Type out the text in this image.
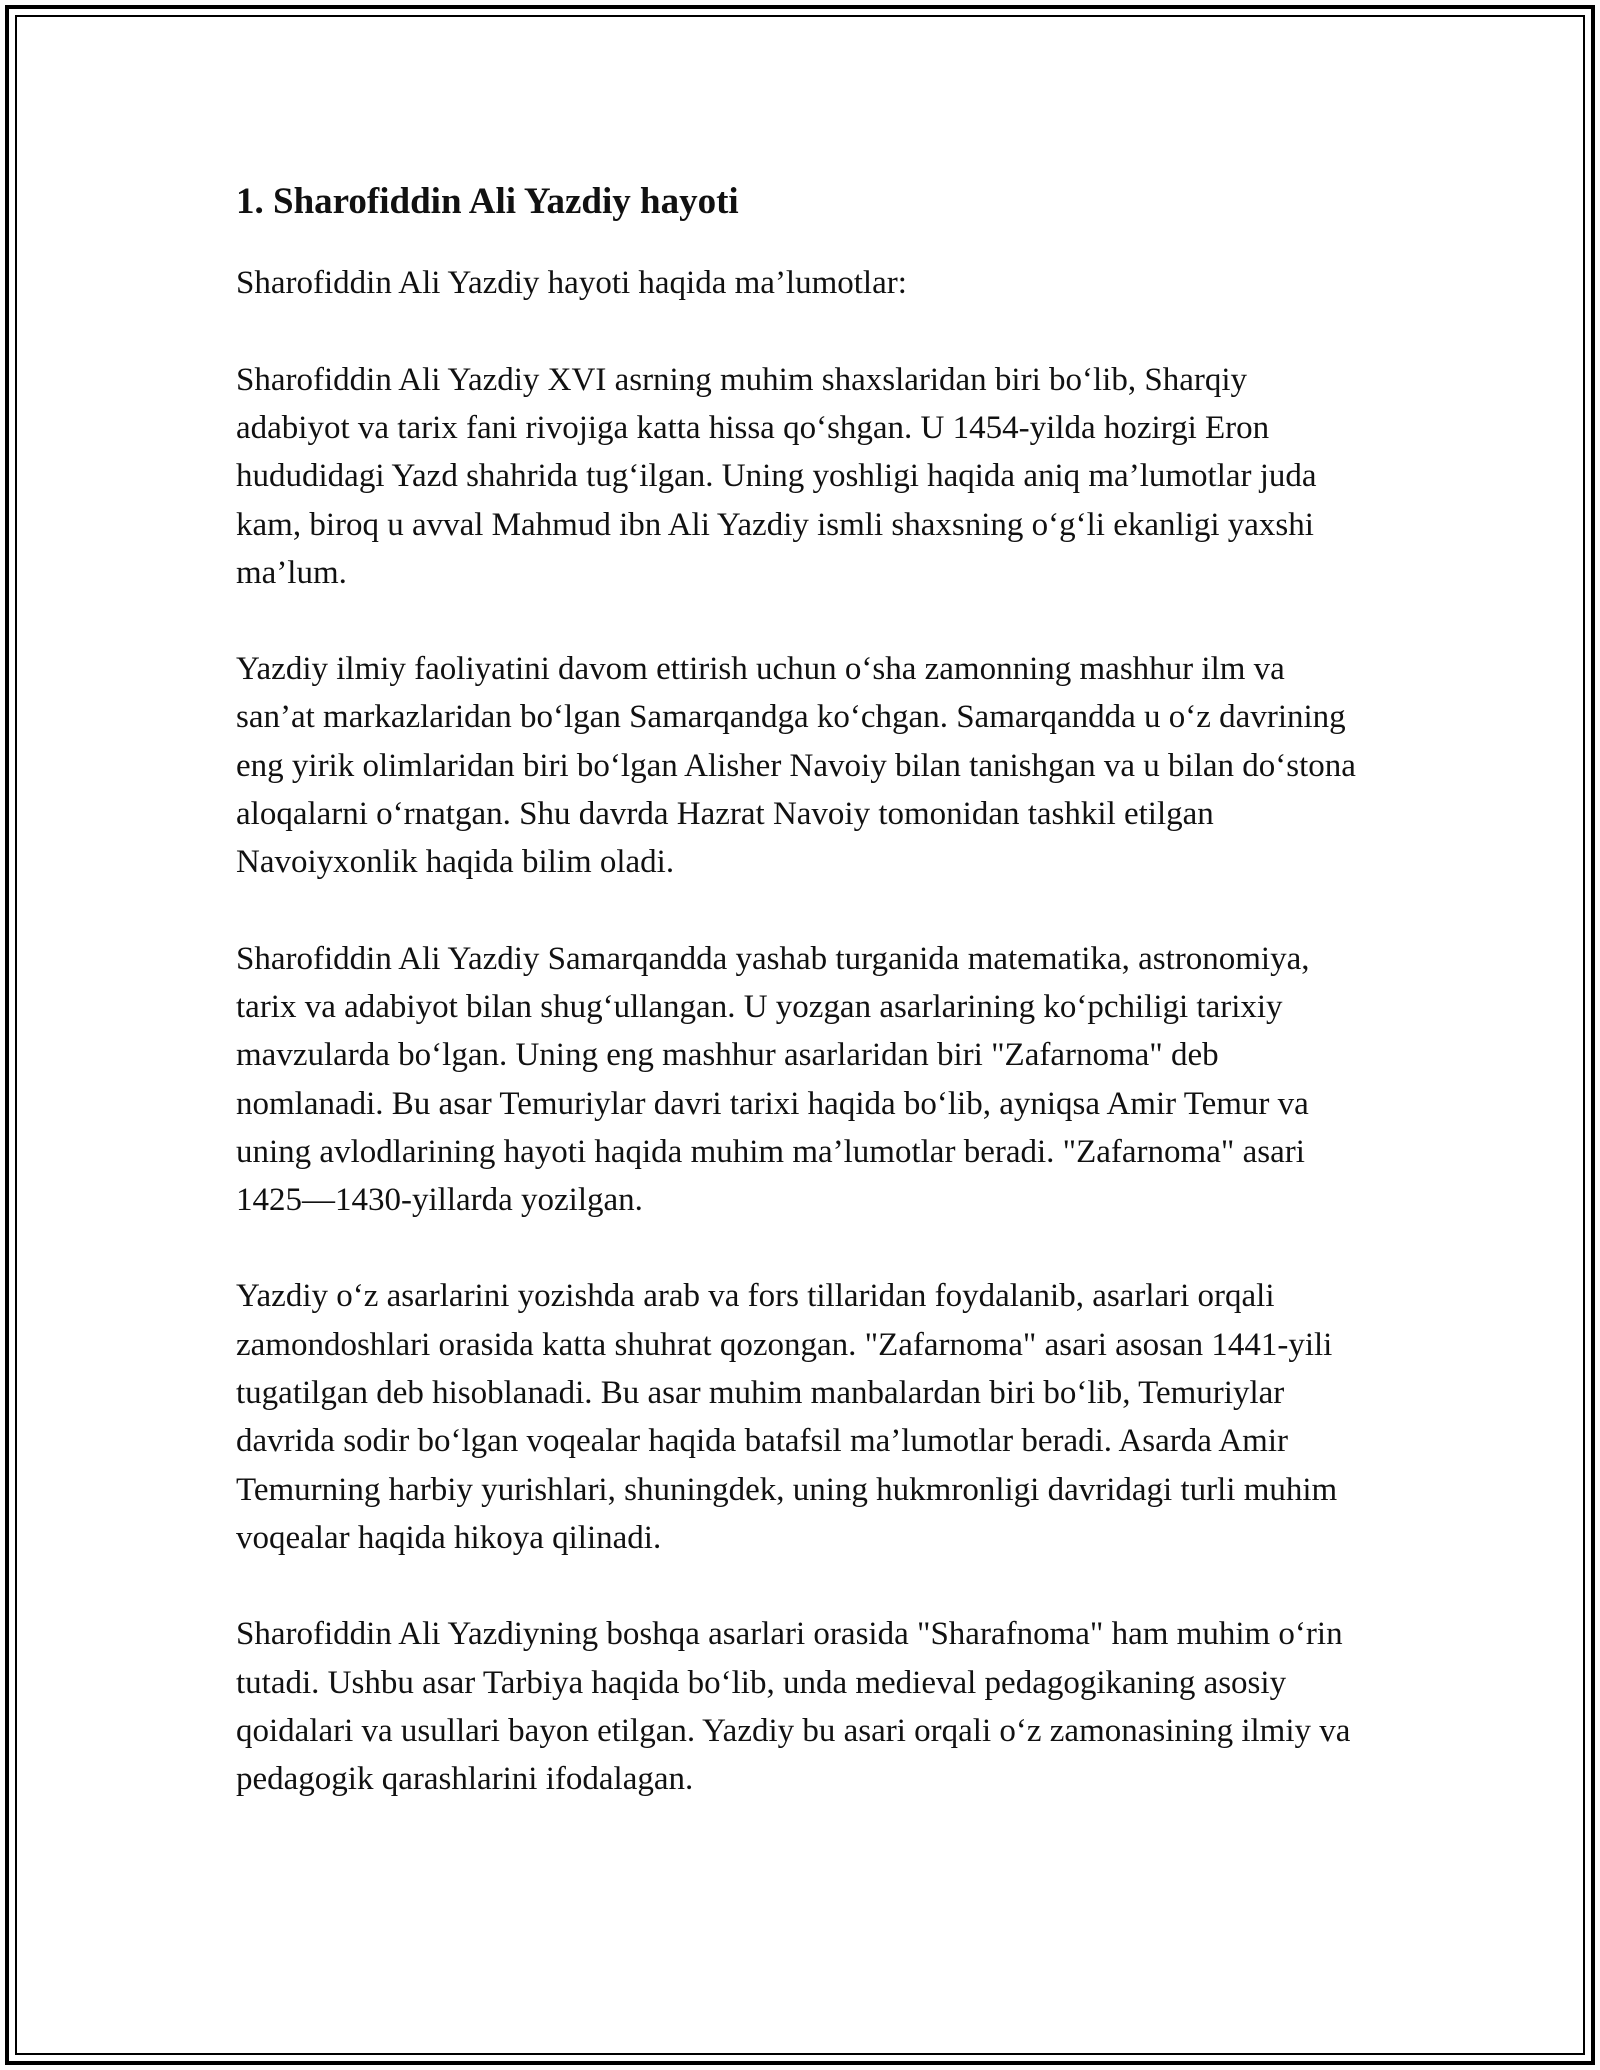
1. Sharofiddin Ali Yazdiy hayoti

Sharofiddin Ali Yazdiy hayoti haqida ma’lumotlar:

Sharofiddin Ali Yazdiy XVI asrning muhim shaxslaridan biri bo‘lib, Sharqiy adabiyot va tarix fani rivojiga katta hissa qo‘shgan. U 1454-yilda hozirgi Eron hududidagi Yazd shahrida tug‘ilgan. Uning yoshligi haqida aniq ma’lumotlar juda kam, biroq u avval Mahmud ibn Ali Yazdiy ismli shaxsning o‘g‘li ekanligi yaxshi ma’lum.

Yazdiy ilmiy faoliyatini davom ettirish uchun o‘sha zamonning mashhur ilm va san’at markazlaridan bo‘lgan Samarqandga ko‘chgan. Samarqandda u o‘z davrining eng yirik olimlaridan biri bo‘lgan Alisher Navoiy bilan tanishgan va u bilan do‘stona aloqalarni o‘rnatgan. Shu davrda Hazrat Navoiy tomonidan tashkil etilgan Navoiyxonlik haqida bilim oladi.

Sharofiddin Ali Yazdiy Samarqandda yashab turganida matematika, astronomiya, tarix va adabiyot bilan shug‘ullangan. U yozgan asarlarining ko‘pchiligi tarixiy mavzularda bo‘lgan. Uning eng mashhur asarlaridan biri "Zafarnoma" deb nomlanadi. Bu asar Temuriylar davri tarixi haqida bo‘lib, ayniqsa Amir Temur va uning avlodlarining hayoti haqida muhim ma’lumotlar beradi. "Zafarnoma" asari 1425—1430-yillarda yozilgan.

Yazdiy o‘z asarlarini yozishda arab va fors tillaridan foydalanib, asarlari orqali zamondoshlari orasida katta shuhrat qozongan. "Zafarnoma" asari asosan 1441-yili tugatilgan deb hisoblanadi. Bu asar muhim manbalardan biri bo‘lib, Temuriylar davrida sodir bo‘lgan voqealar haqida batafsil ma’lumotlar beradi. Asarda Amir Temurning harbiy yurishlari, shuningdek, uning hukmronligi davridagi turli muhim voqealar haqida hikoya qilinadi.

Sharofiddin Ali Yazdiyning boshqa asarlari orasida "Sharafnoma" ham muhim o‘rin tutadi. Ushbu asar Tarbiya haqida bo‘lib, unda medieval pedagogikaning asosiy qoidalari va usullari bayon etilgan. Yazdiy bu asari orqali o‘z zamonasining ilmiy va pedagogik qarashlarini ifodalagan.
